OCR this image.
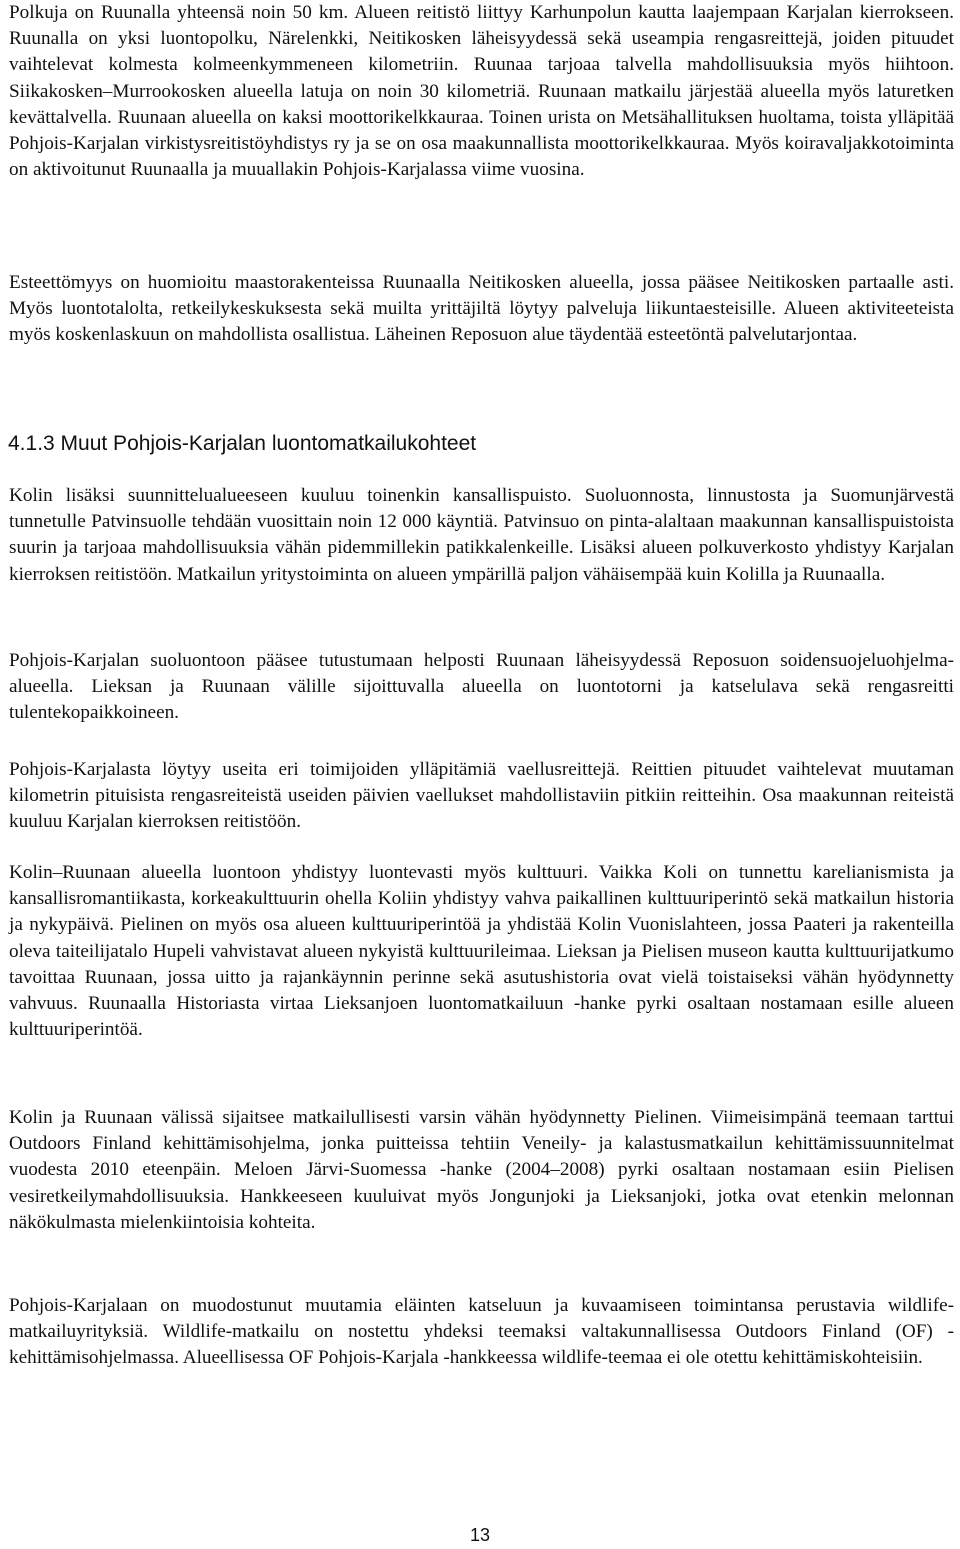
Polkuja on Ruunalla yhteensä noin 50 km. Alueen reitistö liittyy Karhunpolun kautta laajempaan Karjalan kierrokseen. Ruunalla on yksi luontopolku, Närelenkki, Neitikosken läheisyydessä sekä useampia rengasreittejä, joiden pituudet vaihtelevat kolmesta kolmeenkymmeneen kilometriin. Ruunaa tarjoaa talvella mahdollisuuksia myös hiihtoon. Siikakosken–Murrookosken alueella latuja on noin 30 kilometriä. Ruunaan matkailu järjestää alueella myös laturetken kevättalvella. Ruunaan alueella on kaksi moottorikelkkauraa. Toinen urista on Metsähallituksen huoltama, toista ylläpitää Pohjois-Karjalan virkistysreitistöyhdistys ry ja se on osa maakunnallista moottorikelkkauraa. Myös koiravaljakkotoiminta on aktivoitunut Ruunaalla ja muuallakin Pohjois-Karjalassa viime vuosina.

Esteettömyys on huomioitu maastorakenteissa Ruunaalla Neitikosken alueella, jossa pääsee Neitikosken partaalle asti. Myös luontotalolta, retkeilykeskuksesta sekä muilta yrittäjiltä löytyy palveluja liikuntaesteisille. Alueen aktiviteeteista myös koskenlaskuun on mahdollista osallistua. Läheinen Reposuon alue täydentää esteetöntä palvelutarjontaa.

4.1.3 Muut Pohjois-Karjalan luontomatkailukohteet

Kolin lisäksi suunnittelualueeseen kuuluu toinenkin kansallispuisto. Suoluonnosta, linnustosta ja Suomunjärvestä tunnetulle Patvinsuolle tehdään vuosittain noin 12 000 käyntiä. Patvinsuo on pinta-alaltaan maakunnan kansallispuistoista suurin ja tarjoaa mahdollisuuksia vähän pidemmillekin patikkalenkeille. Lisäksi alueen polkuverkosto yhdistyy Karjalan kierroksen reitistöön. Matkailun yritystoiminta on alueen ympärillä paljon vähäisempää kuin Kolilla ja Ruunaalla.

Pohjois-Karjalan suoluontoon pääsee tutustumaan helposti Ruunaan läheisyydessä Reposuon soidensuojeluohjelma-alueella. Lieksan ja Ruunaan välille sijoittuvalla alueella on luontotorni ja katselulava sekä rengasreitti tulentekopaikkoineen.

Pohjois-Karjalasta löytyy useita eri toimijoiden ylläpitämiä vaellusreittejä. Reittien pituudet vaihtelevat muutaman kilometrin pituisista rengasreiteistä useiden päivien vaellukset mahdollistaviin pitkiin reitteihin. Osa maakunnan reiteistä kuuluu Karjalan kierroksen reitistöön.

Kolin–Ruunaan alueella luontoon yhdistyy luontevasti myös kulttuuri. Vaikka Koli on tunnettu karelianismista ja kansallisromantiikasta, korkeakulttuurin ohella Koliin yhdistyy vahva paikallinen kulttuuriperintö sekä matkailun historia ja nykypäivä. Pielinen on myös osa alueen kulttuuriperintöä ja yhdistää Kolin Vuonislahteen, jossa Paateri ja rakenteilla oleva taiteilijatalo Hupeli vahvistavat alueen nykyistä kulttuurileimaa. Lieksan ja Pielisen museon kautta kulttuurijatkumo tavoittaa Ruunaan, jossa uitto ja rajankäynnin perinne sekä asutushistoria ovat vielä toistaiseksi vähän hyödynnetty vahvuus. Ruunaalla Historiasta virtaa Lieksanjoen luontomatkailuun -hanke pyrki osaltaan nostamaan esille alueen kulttuuriperintöä.

Kolin ja Ruunaan välissä sijaitsee matkailullisesti varsin vähän hyödynnetty Pielinen. Viimeisimpänä teemaan tarttui Outdoors Finland kehittämisohjelma, jonka puitteissa tehtiin Veneily- ja kalastusmatkailun kehittämissuunnitelmat vuodesta 2010 eteenpäin. Meloen Järvi-Suomessa -hanke (2004–2008) pyrki osaltaan nostamaan esiin Pielisen vesiretkeilymahdollisuuksia. Hankkeeseen kuuluivat myös Jongunjoki ja Lieksanjoki, jotka ovat etenkin melonnan näkökulmasta mielenkiintoisia kohteita.

Pohjois-Karjalaan on muodostunut muutamia eläinten katseluun ja kuvaamiseen toimintansa perustavia wildlife-matkailuyrityksiä. Wildlife-matkailu on nostettu yhdeksi teemaksi valtakunnallisessa Outdoors Finland (OF) -kehittämisohjelmassa. Alueellisessa OF Pohjois-Karjala -hankkeessa wildlife-teemaa ei ole otettu kehittämiskohteisiin.

13
